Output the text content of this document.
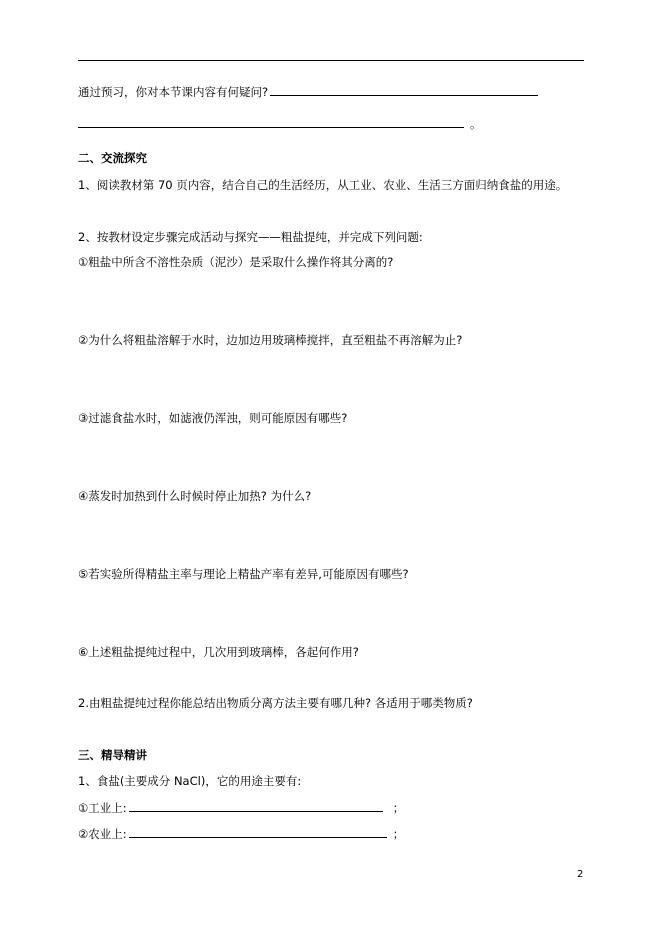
通过预习，你对本节课内容有何疑问?
。
二、交流探究
1、阅读教材第 70 页内容，结合自己的生活经历，从工业、农业、生活三方面归纳食盐的用途。
2、按教材设定步骤完成活动与探究——粗盐提纯，并完成下列问题:
①粗盐中所含不溶性杂质（泥沙）是采取什么操作将其分离的?
②为什么将粗盐溶解于水时，边加边用玻璃棒搅拌，直至粗盐不再溶解为止?
③过滤食盐水时，如滤液仍浑浊，则可能原因有哪些?
④蒸发时加热到什么时候时停止加热? 为什么?
⑤若实验所得精盐主率与理论上精盐产率有差异,可能原因有哪些?
⑥上述粗盐提纯过程中，几次用到玻璃棒，各起何作用?
2.由粗盐提纯过程你能总结出物质分离方法主要有哪几种? 各适用于哪类物质?
三、精导精讲
1、食盐(主要成分 NaCl)，它的用途主要有:
①工业上:	；
②农业上:	；
2
